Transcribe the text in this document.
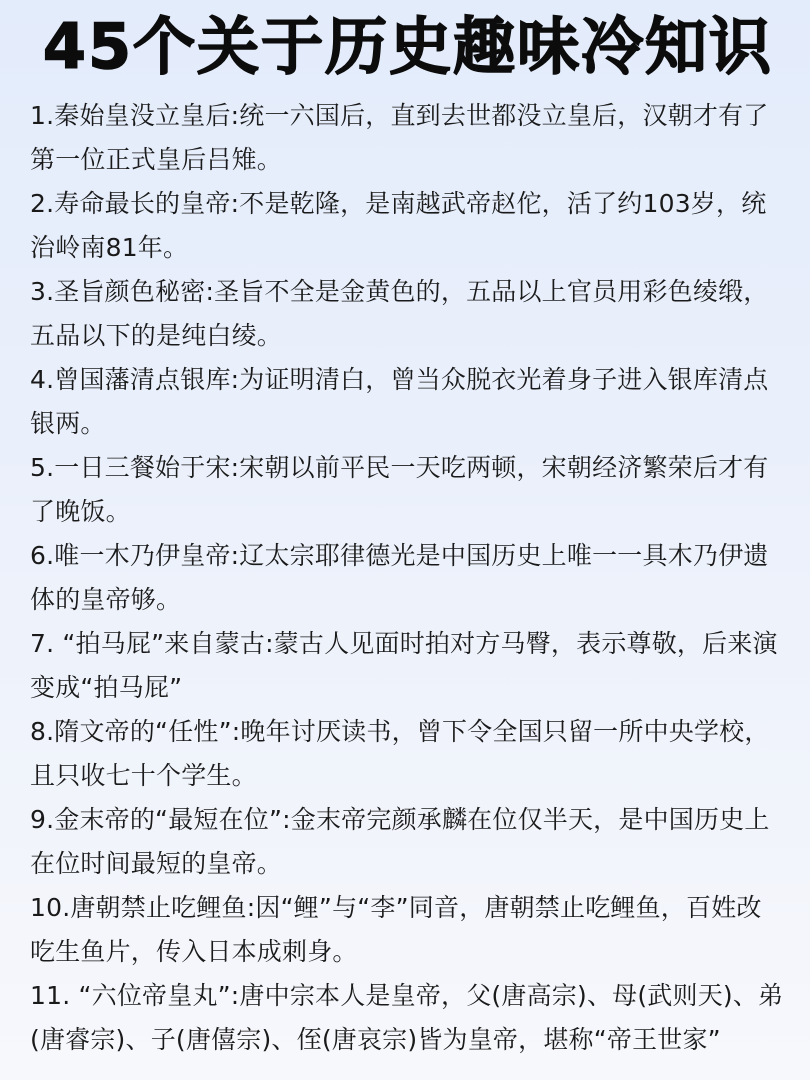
45个关于历史趣味冷知识
1.秦始皇没立皇后:统一六国后，直到去世都没立皇后，汉朝才有了第一位正式皇后吕雉。
2.寿命最长的皇帝:不是乾隆，是南越武帝赵佗，活了约103岁，统治岭南81年。
3.圣旨颜色秘密:圣旨不全是金黄色的，五品以上官员用彩色绫缎，五品以下的是纯白绫。
4.曾国藩清点银库:为证明清白，曾当众脱衣光着身子进入银库清点银两。
5.一日三餐始于宋:宋朝以前平民一天吃两顿，宋朝经济繁荣后才有了晚饭。
6.唯一木乃伊皇帝:辽太宗耶律德光是中国历史上唯一一具木乃伊遗体的皇帝够。
7. “拍马屁”来自蒙古:蒙古人见面时拍对方马臀，表示尊敬，后来演变成“拍马屁”
8.隋文帝的“任性”:晚年讨厌读书，曾下令全国只留一所中央学校，且只收七十个学生。
9.金末帝的“最短在位”:金末帝完颜承麟在位仅半天，是中国历史上在位时间最短的皇帝。
10.唐朝禁止吃鲤鱼:因“鲤”与“李”同音，唐朝禁止吃鲤鱼，百姓改吃生鱼片，传入日本成刺身。
11. “六位帝皇丸”:唐中宗本人是皇帝，父(唐高宗)、母(武则天)、弟(唐睿宗)、子(唐僖宗)、侄(唐哀宗)皆为皇帝，堪称“帝王世家”
